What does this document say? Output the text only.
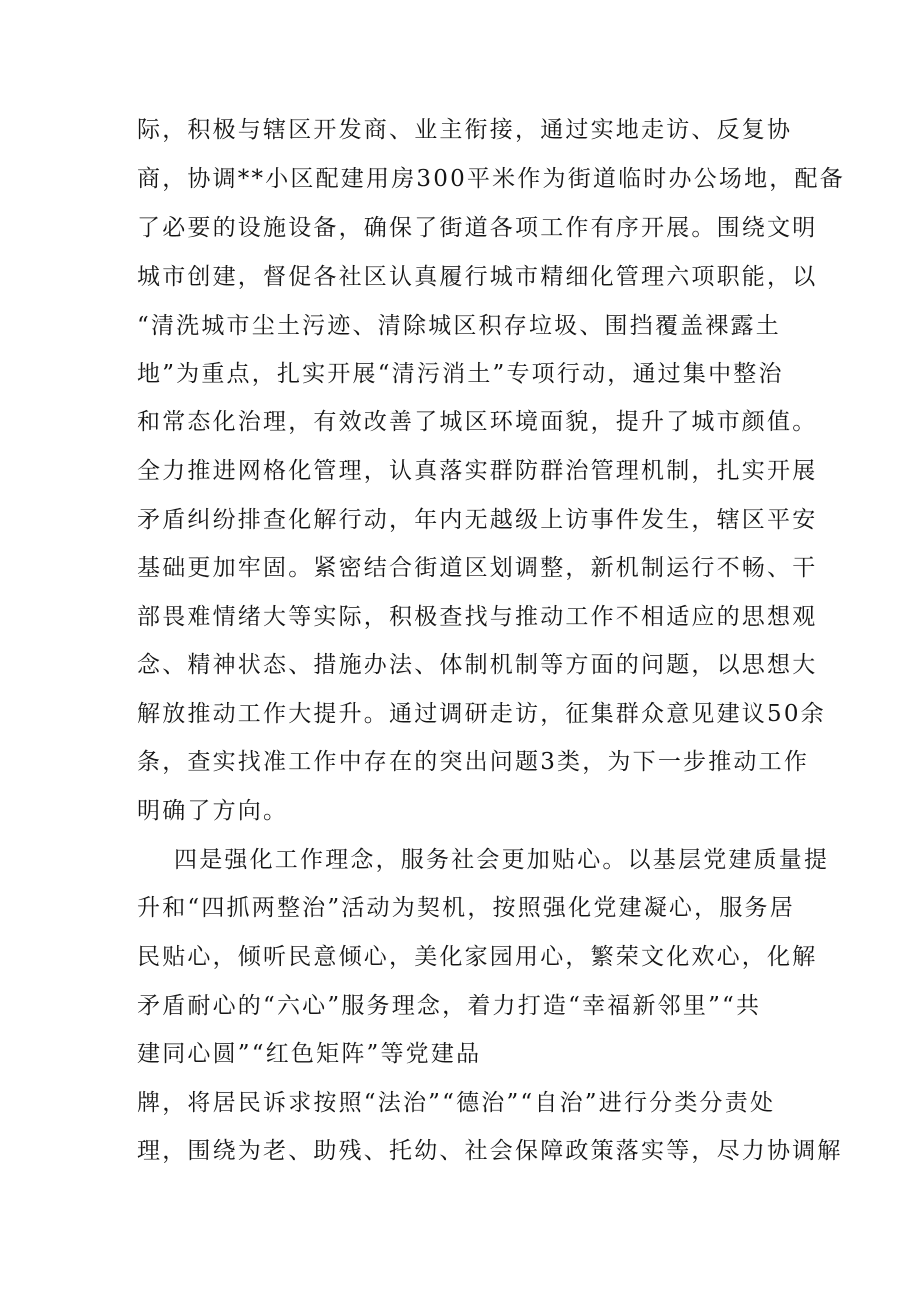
际，积极与辖区开发商、业主衔接，通过实地走访、反复协

商，协调**小区配建用房300平米作为街道临时办公场地，配备

了必要的设施设备，确保了街道各项工作有序开展。围绕文明

城市创建，督促各社区认真履行城市精细化管理六项职能，以

“清洗城市尘土污迹、清除城区积存垃圾、围挡覆盖裸露土

地”为重点，扎实开展“清污消土”专项行动，通过集中整治

和常态化治理，有效改善了城区环境面貌，提升了城市颜值。

全力推进网格化管理，认真落实群防群治管理机制，扎实开展

矛盾纠纷排查化解行动，年内无越级上访事件发生，辖区平安

基础更加牢固。紧密结合街道区划调整，新机制运行不畅、干

部畏难情绪大等实际，积极查找与推动工作不相适应的思想观

念、精神状态、措施办法、体制机制等方面的问题，以思想大

解放推动工作大提升。通过调研走访，征集群众意见建议50余

条，查实找准工作中存在的突出问题3类，为下一步推动工作

明确了方向。

四是强化工作理念，服务社会更加贴心。以基层党建质量提

升和“四抓两整治”活动为契机，按照强化党建凝心，服务居

民贴心，倾听民意倾心，美化家园用心，繁荣文化欢心，化解

矛盾耐心的“六心”服务理念，着力打造“幸福新邻里”“共

建同心圆”“红色矩阵”等党建品

牌，将居民诉求按照“法治”“德治”“自治”进行分类分责处

理，围绕为老、助残、托幼、社会保障政策落实等，尽力协调解
